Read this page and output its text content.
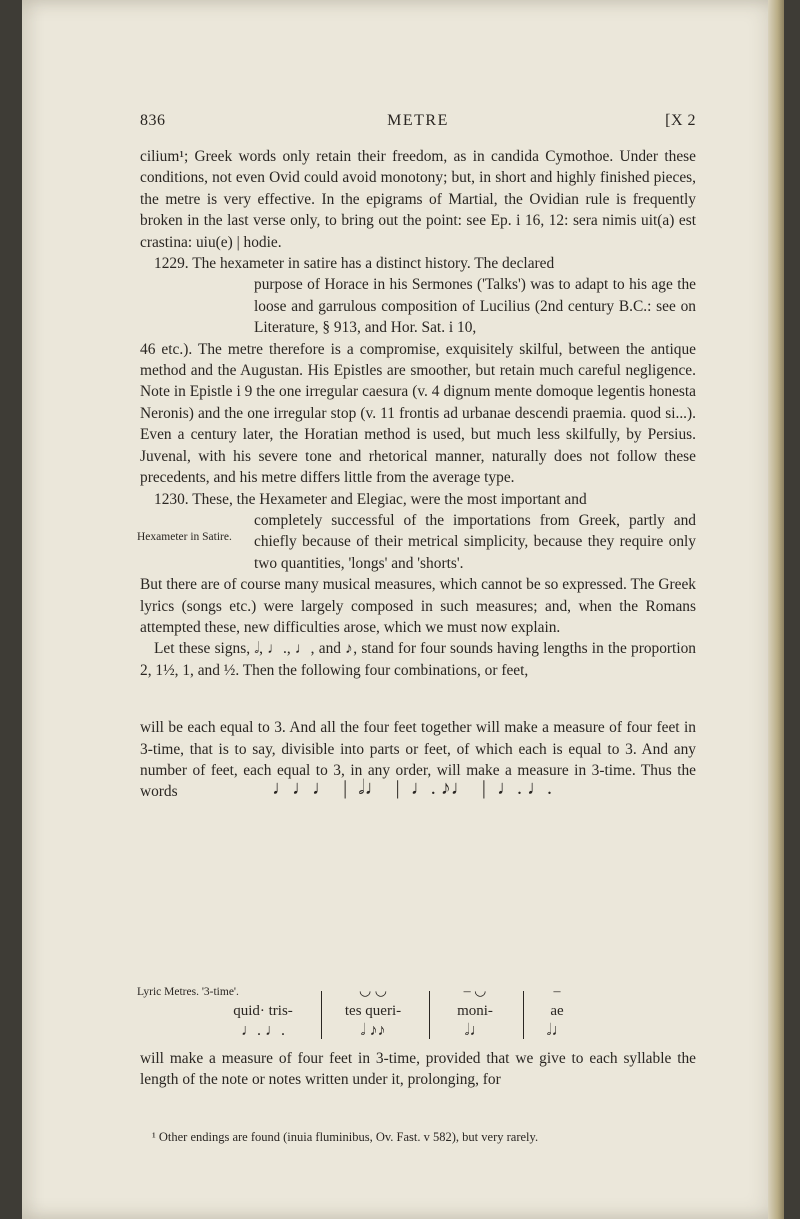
836	METRE	[X 2

cilium¹; Greek words only retain their freedom, as in candida Cymothoe. Under these conditions, not even Ovid could avoid monotony; but, in short and highly finished pieces, the metre is very effective. In the epigrams of Martial, the Ovidian rule is frequently broken in the last verse only, to bring out the point: see Ep. i 16, 12: sera nimis uit(a) est crastina: uiu(e) | hodie.

1229. The hexameter in satire has a distinct history. The declared

purpose of Horace in his Sermones ('Talks') was to adapt to his age the loose and garrulous composition of Lucilius (2nd century B.C.: see on Literature, § 913, and Hor. Sat. i 10,

46 etc.). The metre therefore is a compromise, exquisitely skilful, between the antique method and the Augustan. His Epistles are smoother, but retain much careful negligence. Note in Epistle i 9 the one irregular caesura (v. 4 dignum mente domoque legentis honesta Neronis) and the one irregular stop (v. 11 frontis ad urbanae descendi praemia. quod si...). Even a century later, the Horatian method is used, but much less skilfully, by Persius. Juvenal, with his severe tone and rhetorical manner, naturally does not follow these precedents, and his metre differs little from the average type.

1230. These, the Hexameter and Elegiac, were the most important and

completely successful of the importations from Greek, partly and chiefly because of their metrical simplicity, because they require only two quantities, 'longs' and 'shorts'.

But there are of course many musical measures, which cannot be so expressed. The Greek lyrics (songs etc.) were largely composed in such measures; and, when the Romans attempted these, new difficulties arose, which we must now explain.

Let these signs, 𝅗𝅥, ♩., ♩, and ♪, stand for four sounds having lengths in the proportion 2, 1½, 1, and ½. Then the following four combinations, or feet,

will be each equal to 3. And all the four feet together will make a measure of four feet in 3-time, that is to say, divisible into parts or feet, of which each is equal to 3. And any number of feet, each equal to 3, in any order, will make a measure in 3-time. Thus the words

Hexameter in Satire.
Lyric Metres. '3-time'.
♩♩♩ | 𝅗𝅥♩ | ♩. ♪♩ | ♩. ♩.
quid· tris-
♩. ♩.
◡ ◡
tes queri-
𝅗𝅥 ♪♪
– ◡
moni-
𝅗𝅥♩
–
ae
𝅗𝅥♩
will make a measure of four feet in 3-time, provided that we give to each syllable the length of the note or notes written under it, prolonging, for
¹ Other endings are found (inuia fluminibus, Ov. Fast. v 582), but very rarely.
